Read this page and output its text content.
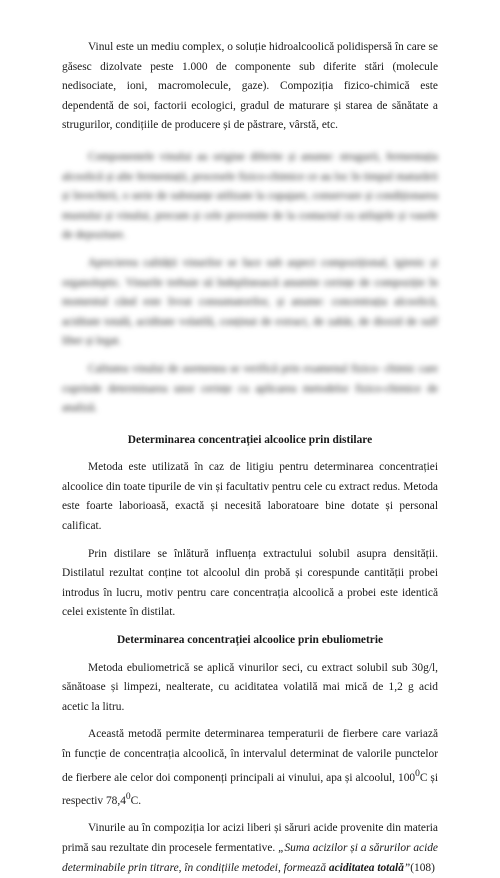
Vinul este un mediu complex, o soluție hidroalcoolică polidispersă în care se găsesc dizolvate peste 1.000 de componente sub diferite stări (molecule nedisociate, ioni, macromolecule, gaze). Compoziția fizico-chimică este dependentă de soi, factorii ecologici, gradul de maturare și starea de sănătate a strugurilor, condițiile de producere și de păstrare, vârstă, etc.

Componentele vinului au origine diferite și anume: strugurii, fermentația alcoolică și alte fermentații, procesele fizico-chimice ce au loc în timpul maturării și învechirii, o serie de substanțe utilizate la cupajare, conservare și condiționarea mustului și vinului, precum și cele provenite de la contactul cu utilajele și vasele de depozitare.

Aprecierea calității vinurilor se face sub aspect compozițional, igienic și organoleptic. Vinurile trebuie să îndeplinească anumite cerințe de compoziție în momentul când este livrat consumatorilor, și anume: concentrația alcoolică, aciditate totală, aciditate volatilă, conținut de extract, de zahăr, de dioxid de sulf liber și legat.

Calitatea vinului de asemenea se verifică prin examenul fizico- chimic care cuprinde determinarea unor cerințe cu aplicarea metodelor fizico-chimice de analiză.

Determinarea concentrației alcoolice prin distilare

Metoda este utilizată în caz de litigiu pentru determinarea concentrației alcoolice din toate tipurile de vin și facultativ pentru cele cu extract redus. Metoda este foarte laborioasă, exactă și necesită laboratoare bine dotate și personal calificat.

Prin distilare se înlătură influența extractului solubil asupra densității. Distilatul rezultat conține tot alcoolul din probă și corespunde cantității probei introdus în lucru, motiv pentru care concentrația alcoolică a probei este identică celei existente în distilat.

Determinarea concentrației alcoolice prin ebuliometrie

Metoda ebuliometrică se aplică vinurilor seci, cu extract solubil sub 30g/l, sănătoase și limpezi, nealterate, cu aciditatea volatilă mai mică de 1,2 g acid acetic la litru.

Această metodă permite determinarea temperaturii de fierbere care variază în funcție de concentrația alcoolică, în intervalul determinat de valorile punctelor de fierbere ale celor doi componenți principali ai vinului, apa și alcoolul, $100^0C$ și respectiv 78,4$^0$C.

Vinurile au în compoziția lor acizi liberi și săruri acide provenite din materia primă sau rezultate din procesele fermentative. „Suma acizilor și a sărurilor acide determinabile prin titrare, în condițiile metodei, formează aciditatea totală”(108)
